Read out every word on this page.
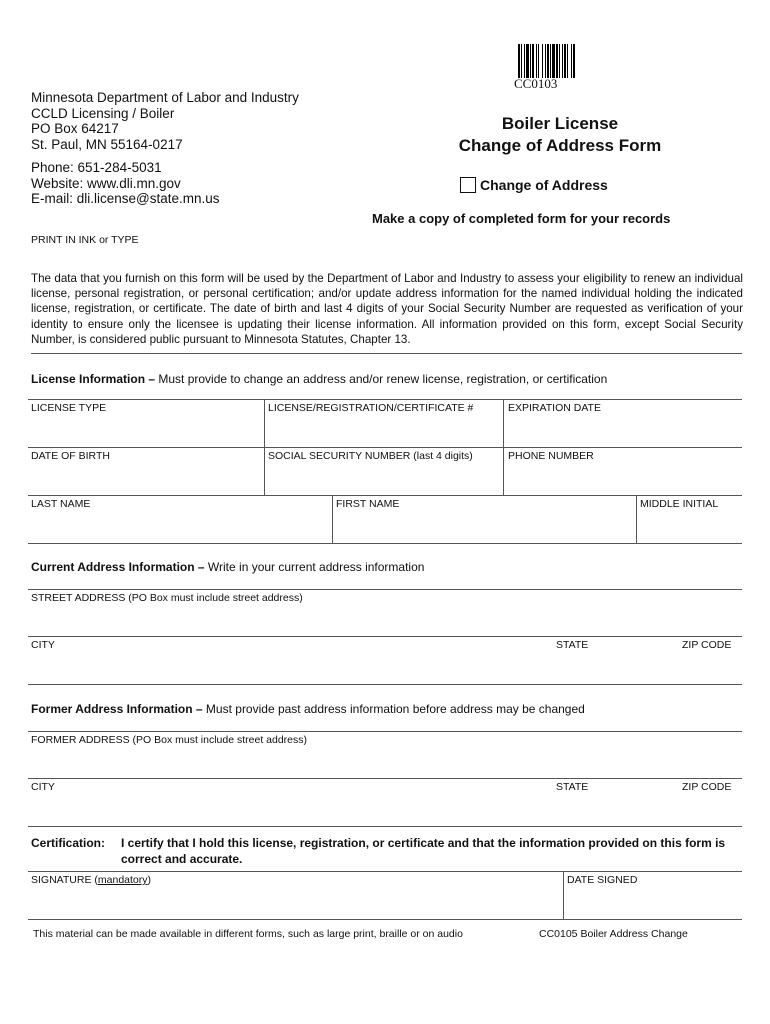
Minnesota Department of Labor and Industry
CCLD Licensing / Boiler
PO Box 64217
St. Paul, MN 55164-0217
Phone: 651-284-5031
Website: www.dli.mn.gov
E-mail: dli.license@state.mn.us
CC0103
Boiler License
Change of Address Form
Change of Address
Make a copy of completed form for your records
PRINT IN INK or TYPE
The data that you furnish on this form will be used by the Department of Labor and Industry to assess your eligibility to renew an individual license, personal registration, or personal certification; and/or update address information for the named individual holding the indicated license, registration, or certificate. The date of birth and last 4 digits of your Social Security Number are requested as verification of your identity to ensure only the licensee is updating their license information. All information provided on this form, except Social Security Number, is considered public pursuant to Minnesota Statutes, Chapter 13.
License Information – Must provide to change an address and/or renew license, registration, or certification
LICENSE TYPE	LICENSE/REGISTRATION/CERTIFICATE #	EXPIRATION DATE
DATE OF BIRTH	SOCIAL SECURITY NUMBER (last 4 digits)	PHONE NUMBER
LAST NAME	FIRST NAME	MIDDLE INITIAL
Current Address Information – Write in your current address information
STREET ADDRESS (PO Box must include street address)
CITY	STATE	ZIP CODE
Former Address Information – Must provide past address information before address may be changed
FORMER ADDRESS (PO Box must include street address)
CITY	STATE	ZIP CODE
Certification: I certify that I hold this license, registration, or certificate and that the information provided on this form is correct and accurate.
SIGNATURE (mandatory)	DATE SIGNED
This material can be made available in different forms, such as large print, braille or on audio	CC0105 Boiler Address Change
